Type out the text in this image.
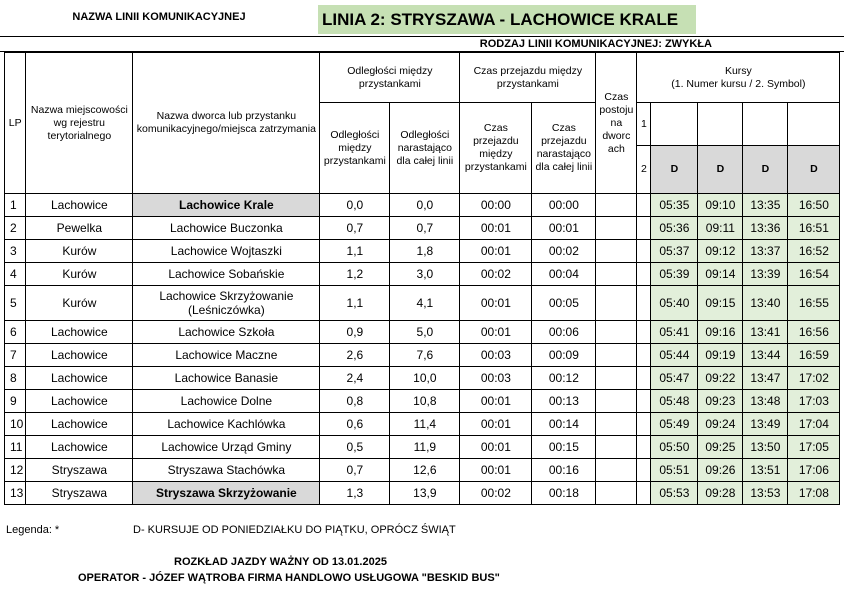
NAZWA LINII KOMUNIKACYJNEJ	LINIA 2: STRYSZAWA - LACHOWICE KRALE
RODZAJ LINII KOMUNIKACYJNEJ: ZWYKŁA
LP	Nazwa miejscowości wg rejestru terytorialnego	Nazwa dworca lub przystanku komunikacyjnego/miejsca zatrzymania	Odległości między przystankami		Czas przejazdu między przystankami		Czas postoju na dworc ach	Kursy
(1. Numer kursu / 2. Symbol)				

			Odległości między przystankami	Odległości narastająco dla całej linii	Czas przejazdu między przystankami	Czas przejazdu narastająco dla całej linii		1				
								2	D	D	D	D
1	Lachowice	Lachowice Krale	0,0	0,0	00:00	00:00			05:35	09:10	13:35	16:50
2	Pewelka	Lachowice Buczonka	0,7	0,7	00:01	00:01			05:36	09:11	13:36	16:51
3	Kurów	Lachowice Wojtaszki	1,1	1,8	00:01	00:02			05:37	09:12	13:37	16:52
4	Kurów	Lachowice Sobańskie	1,2	3,0	00:02	00:04			05:39	09:14	13:39	16:54
5	Kurów	Lachowice Skrzyżowanie (Leśniczówka)	1,1	4,1	00:01	00:05			05:40	09:15	13:40	16:55
6	Lachowice	Lachowice Szkoła	0,9	5,0	00:01	00:06			05:41	09:16	13:41	16:56
7	Lachowice	Lachowice Maczne	2,6	7,6	00:03	00:09			05:44	09:19	13:44	16:59
8	Lachowice	Lachowice Banasie	2,4	10,0	00:03	00:12			05:47	09:22	13:47	17:02
9	Lachowice	Lachowice Dolne	0,8	10,8	00:01	00:13			05:48	09:23	13:48	17:03
10	Lachowice	Lachowice Kachlówka	0,6	11,4	00:01	00:14			05:49	09:24	13:49	17:04
11	Lachowice	Lachowice Urząd Gminy	0,5	11,9	00:01	00:15			05:50	09:25	13:50	17:05
12	Stryszawa	Stryszawa Stachówka	0,7	12,6	00:01	00:16			05:51	09:26	13:51	17:06
13	Stryszawa	Stryszawa Skrzyżowanie	1,3	13,9	00:02	00:18			05:53	09:28	13:53	17:08
Legenda: *	D- KURSUJE OD PONIEDZIAŁKU DO PIĄTKU, OPRÓCZ ŚWIĄT
ROZKŁAD JAZDY WAŻNY OD 13.01.2025
OPERATOR - JÓZEF WĄTROBA FIRMA HANDLOWO USŁUGOWA "BESKID BUS"
